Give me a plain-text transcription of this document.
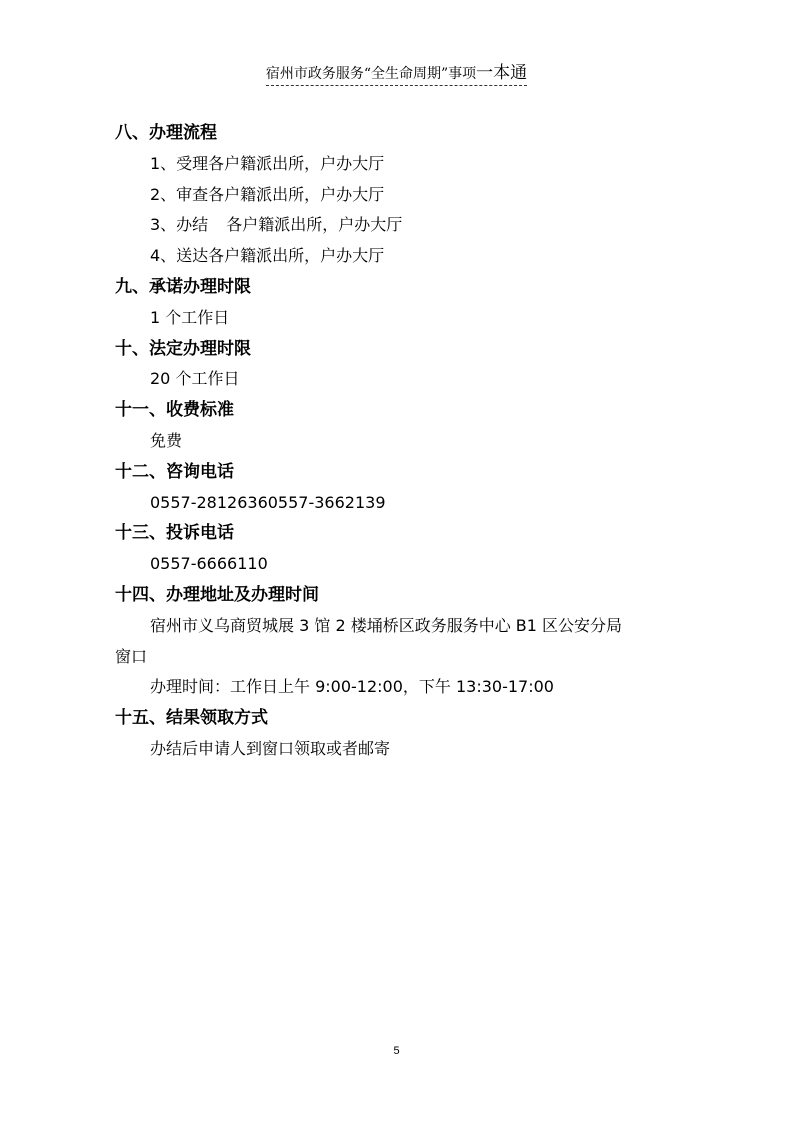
宿州市政务服务“全生命周期”事项一本通
八、办理流程
1、受理各户籍派出所，户办大厅
2、审查各户籍派出所，户办大厅
3、办结 各户籍派出所，户办大厅
4、送达各户籍派出所，户办大厅
九、承诺办理时限
1 个工作日
十、法定办理时限
20 个工作日
十一、收费标准
免费
十二、咨询电话
0557-28126360557-3662139
十三、投诉电话
0557-6666110
十四、办理地址及办理时间
宿州市义乌商贸城展 3 馆 2 楼埇桥区政务服务中心 B1 区公安分局
窗口
办理时间：工作日上午 9:00-12:00，下午 13:30-17:00
十五、结果领取方式
办结后申请人到窗口领取或者邮寄
5
